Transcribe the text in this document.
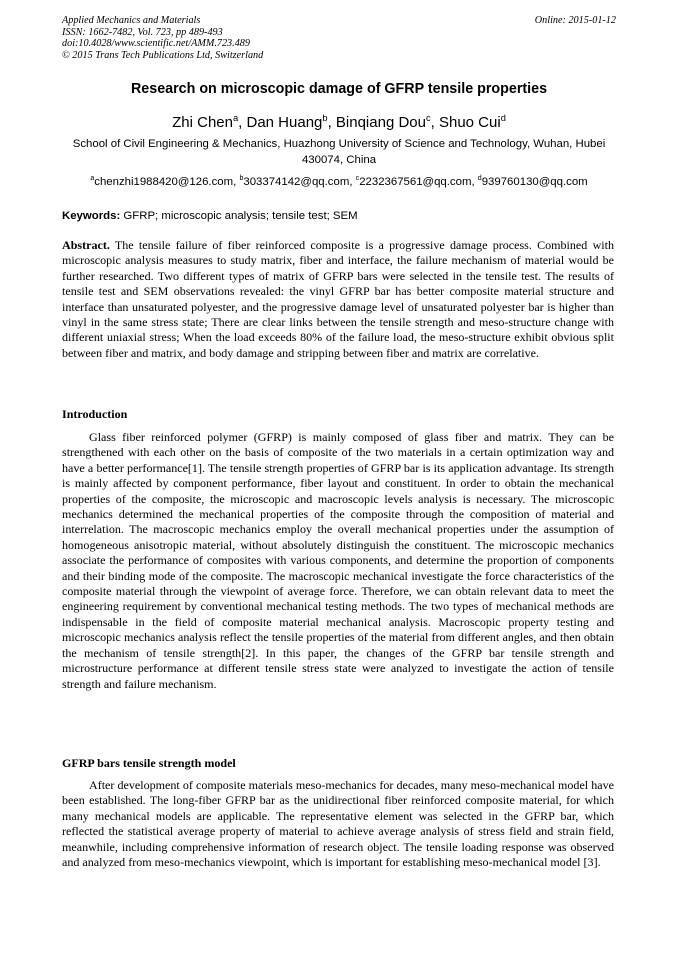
Applied Mechanics and Materials
ISSN: 1662-7482, Vol. 723, pp 489-493
doi:10.4028/www.scientific.net/AMM.723.489
© 2015 Trans Tech Publications Ltd, Switzerland
Online: 2015-01-12
Research on microscopic damage of GFRP tensile properties
Zhi Chen$^a$, Dan Huang$^b$, Binqiang Dou$^c$, Shuo Cui$^d$
School of Civil Engineering & Mechanics, Huazhong University of Science and Technology, Wuhan, Hubei 430074, China
$^a$chenzhi1988420@126.com, $^b$303374142@qq.com, $^c$2232367561@qq.com, $^d$939760130@qq.com
Keywords: GFRP; microscopic analysis; tensile test; SEM
Abstract. The tensile failure of fiber reinforced composite is a progressive damage process. Combined with microscopic analysis measures to study matrix, fiber and interface, the failure mechanism of material would be further researched. Two different types of matrix of GFRP bars were selected in the tensile test. The results of tensile test and SEM observations revealed: the vinyl GFRP bar has better composite material structure and interface than unsaturated polyester, and the progressive damage level of unsaturated polyester bar is higher than vinyl in the same stress state; There are clear links between the tensile strength and meso-structure change with different uniaxial stress; When the load exceeds 80% of the failure load, the meso-structure exhibit obvious split between fiber and matrix, and body damage and stripping between fiber and matrix are correlative.
Introduction
Glass fiber reinforced polymer (GFRP) is mainly composed of glass fiber and matrix. They can be strengthened with each other on the basis of composite of the two materials in a certain optimization way and have a better performance[1]. The tensile strength properties of GFRP bar is its application advantage. Its strength is mainly affected by component performance, fiber layout and constituent. In order to obtain the mechanical properties of the composite, the microscopic and macroscopic levels analysis is necessary. The microscopic mechanics determined the mechanical properties of the composite through the composition of material and interrelation. The macroscopic mechanics employ the overall mechanical properties under the assumption of homogeneous anisotropic material, without absolutely distinguish the constituent. The microscopic mechanics associate the performance of composites with various components, and determine the proportion of components and their binding mode of the composite. The macroscopic mechanical investigate the force characteristics of the composite material through the viewpoint of average force. Therefore, we can obtain relevant data to meet the engineering requirement by conventional mechanical testing methods. The two types of mechanical methods are indispensable in the field of composite material mechanical analysis. Macroscopic property testing and microscopic mechanics analysis reflect the tensile properties of the material from different angles, and then obtain the mechanism of tensile strength[2]. In this paper, the changes of the GFRP bar tensile strength and microstructure performance at different tensile stress state were analyzed to investigate the action of tensile strength and failure mechanism.
GFRP bars tensile strength model
After development of composite materials meso-mechanics for decades, many meso-mechanical model have been established. The long-fiber GFRP bar as the unidirectional fiber reinforced composite material, for which many mechanical models are applicable. The representative element was selected in the GFRP bar, which reflected the statistical average property of material to achieve average analysis of stress field and strain field, meanwhile, including comprehensive information of research object. The tensile loading response was observed and analyzed from meso-mechanics viewpoint, which is important for establishing meso-mechanical model [3].
